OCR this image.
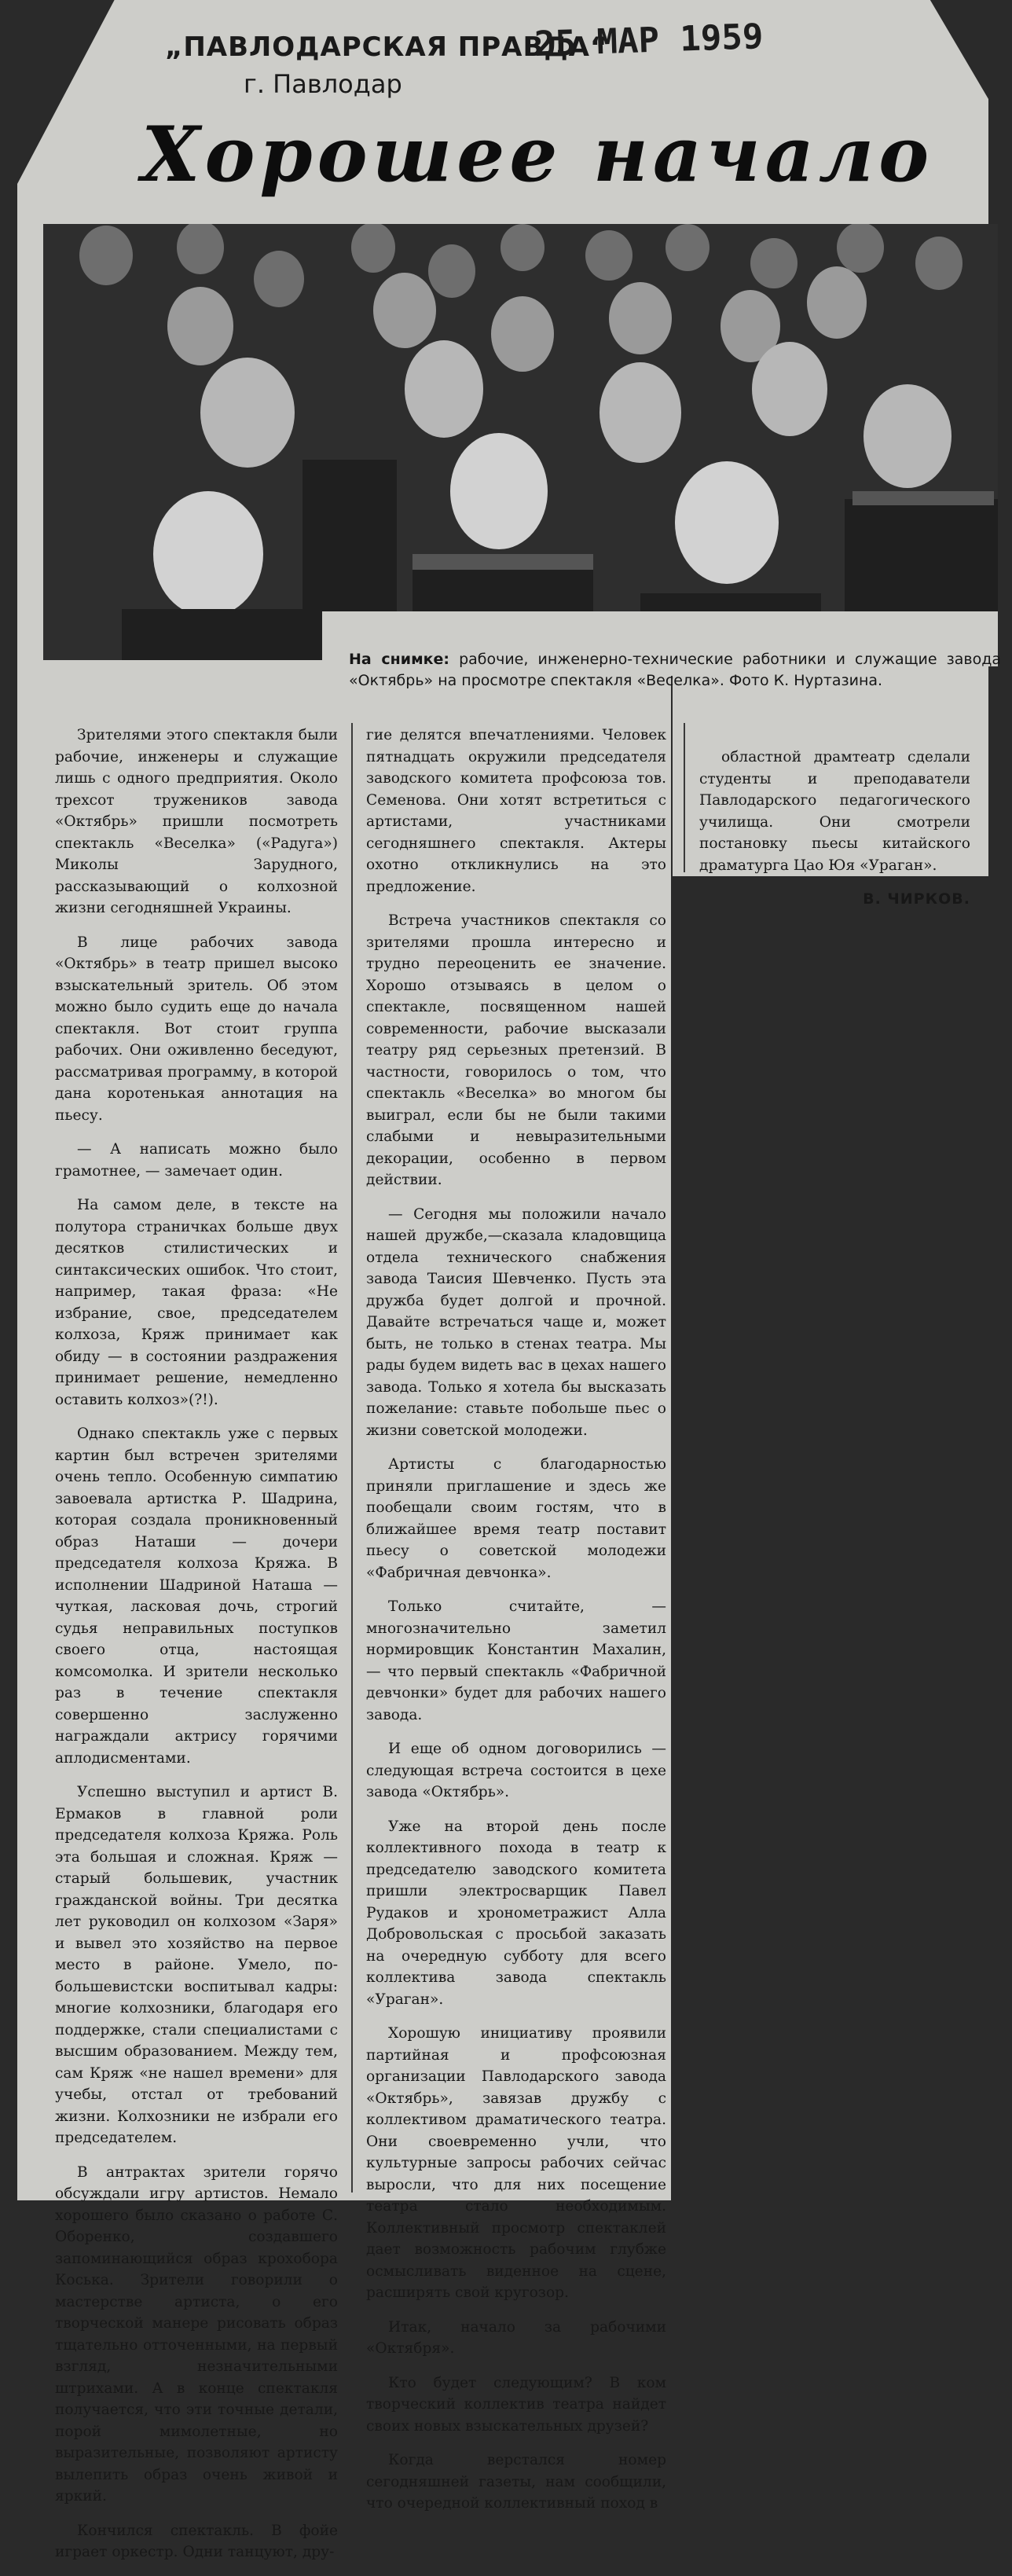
„ПАВЛОДАРСКАЯ ПРАВДА“
г. Павлодар
25 МАР 1959
Хорошее начало
На снимке: рабочие, инженерно-технические работники и служащие завода «Октябрь» на просмотре спектакля «Веселка». Фото К. Нуртазина.

Зрителями этого спектакля были рабочие, инженеры и служащие лишь с одного предприятия. Около трехсот тружеников завода «Октябрь» пришли посмотреть спектакль «Веселка» («Радуга») Миколы Зарудного, рассказывающий о колхозной жизни сегодняшней Украины.

В лице рабочих завода «Октябрь» в театр пришел высоко взыскательный зритель. Об этом можно было судить еще до начала спектакля. Вот стоит группа рабочих. Они оживленно беседуют, рассматривая программу, в которой дана коротенькая аннотация на пьесу.

— А написать можно было грамотнее, — замечает один.

На самом деле, в тексте на полутора страничках больше двух десятков стилистических и синтаксических ошибок. Что стоит, например, такая фраза: «Не избрание, свое, председателем колхоза, Кряж принимает как обиду — в состоянии раздражения принимает решение, немедленно оставить колхоз»(?!).

Однако спектакль уже с первых картин был встречен зрителями очень тепло. Особенную симпатию завоевала артистка Р. Шадрина, которая создала проникновенный образ Наташи — дочери председателя колхоза Кряжа. В исполнении Шадриной Наташа — чуткая, ласковая дочь, строгий судья неправильных поступков своего отца, настоящая комсомолка. И зрители несколько раз в течение спектакля совершенно заслуженно награждали актрису горячими аплодисментами.

Успешно выступил и артист В. Ермаков в главной роли председателя колхоза Кряжа. Роль эта большая и сложная. Кряж — старый большевик, участник гражданской войны. Три десятка лет руководил он колхозом «Заря» и вывел это хозяйство на первое место в районе. Умело, по-большевистски воспитывал кадры: многие колхозники, благодаря его поддержке, стали специалистами с высшим образованием. Между тем, сам Кряж «не нашел времени» для учебы, отстал от требований жизни. Колхозники не избрали его председателем.

В антрактах зрители горячо обсуждали игру артистов. Немало хорошего было сказано о работе С. Оборенко, создавшего запоминающийся образ крохобора Коська. Зрители говорили о мастерстве артиста, о его творческой манере рисовать образ тщательно отточенными, на первый взгляд, незначительными штрихами. А в конце спектакля получается, что эти точные детали, порой мимолетные, но выразительные, позволяют артисту вылепить образ очень живой и яркий.

Кончился спектакль. В фойе играет оркестр. Одни танцуют, дру-

гие делятся впечатлениями. Человек пятнадцать окружили председателя заводского комитета профсоюза тов. Семенова. Они хотят встретиться с артистами, участниками сегодняшнего спектакля. Актеры охотно откликнулись на это предложение.

Встреча участников спектакля со зрителями прошла интересно и трудно переоценить ее значение. Хорошо отзываясь в целом о спектакле, посвященном нашей современности, рабочие высказали театру ряд серьезных претензий. В частности, говорилось о том, что спектакль «Веселка» во многом бы выиграл, если бы не были такими слабыми и невыразительными декорации, особенно в первом действии.

— Сегодня мы положили начало нашей дружбе,—сказала кладовщица отдела технического снабжения завода Таисия Шевченко. Пусть эта дружба будет долгой и прочной. Давайте встречаться чаще и, может быть, не только в стенах театра. Мы рады будем видеть вас в цехах нашего завода. Только я хотела бы высказать пожелание: ставьте побольше пьес о жизни советской молодежи.

Артисты с благодарностью приняли приглашение и здесь же пообещали своим гостям, что в ближайшее время театр поставит пьесу о советской молодежи «Фабричная девчонка».

Только считайте, — многозначительно заметил нормировщик Константин Махалин, — что первый спектакль «Фабричной девчонки» будет для рабочих нашего завода.

И еще об одном договорились — следующая встреча состоится в цехе завода «Октябрь».

Уже на второй день после коллективного похода в театр к председателю заводского комитета пришли электросварщик Павел Рудаков и хронометражист Алла Добровольская с просьбой заказать на очередную субботу для всего коллектива завода спектакль «Ураган».

Хорошую инициативу проявили партийная и профсоюзная организации Павлодарского завода «Октябрь», завязав дружбу с коллективом драматического театра. Они своевременно учли, что культурные запросы рабочих сейчас выросли, что для них посещение театра стало необходимым. Коллективный просмотр спектаклей дает возможность рабочим глубже осмысливать виденное на сцене, расширять свой кругозор.

Итак, начало за рабочими «Октября».

Кто будет следующим? В ком творческий коллектив театра найдет своих новых взыскательных друзей?

Когда верстался номер сегодняшней газеты, нам сообщили, что очередной коллективный поход в

областной драмтеатр сделали студенты и преподаватели Павлодарского педагогического училища. Они смотрели постановку пьесы китайского драматурга Цао Юя «Ураган».

В. ЧИРКОВ.
